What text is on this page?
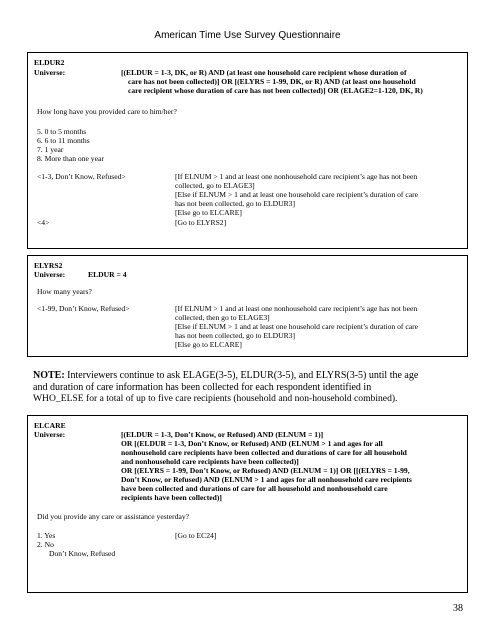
American Time Use Survey Questionnaire
ELDUR2
Universe:	[(ELDUR = 1-3, DK, or R) AND (at least one household care recipient whose duration of
care has not been collected)] OR [(ELYRS = 1-99, DK, or R) AND (at least one household
care recipient whose duration of care has not been collected)] OR (ELAGE2=1-120, DK, R)
How long have you provided care to him/her?
5. 0 to 5 months
6. 6 to 11 months
7. 1 year
8. More than one year
<1-3, Don’t Know, Refused>	[If ELNUM > 1 and at least one nonhousehold care recipient’s age has not been
collected, go to ELAGE3]
[Else if ELNUM > 1 and at least one household care recipient’s duration of care
has not been collected, go to ELDUR3]
[Else go to ELCARE]
<4>	[Go to ELYRS2]
ELYRS2
Universe:	ELDUR = 4
How many years?
<1-99, Don’t Know, Refused>	[If ELNUM > 1 and at least one nonhousehold care recipient’s age has not been
collected, then go to ELAGE3]
[Else if ELNUM > 1 and at least one household care recipient’s duration of care
has not been collected, go to ELDUR3]
[Else go to ELCARE]
NOTE: Interviewers continue to ask ELAGE(3-5), ELDUR(3-5), and ELYRS(3-5) until the age
and duration of care information has been collected for each respondent identified in
WHO_ELSE for a total of up to five care recipients (household and non-household combined).
ELCARE
Universe:	[(ELDUR = 1-3, Don’t Know, or Refused) AND (ELNUM = 1)]
OR [(ELDUR = 1-3, Don’t Know, or Refused) AND (ELNUM > 1 and ages for all
nonhousehold care recipients have been collected and durations of care for all household
and nonhousehold care recipients have been collected)]
OR [(ELYRS = 1-99, Don’t Know, or Refused) AND (ELNUM = 1)] OR [[(ELYRS = 1-99,
Don’t Know, or Refused) AND (ELNUM > 1 and ages for all nonhousehold care recipients
have been collected and durations of care for all household and nonhousehold care
recipients have been collected)]
Did you provide any care or assistance yesterday?
1. Yes	[Go to EC24]
2. No
Don’t Know, Refused
38
